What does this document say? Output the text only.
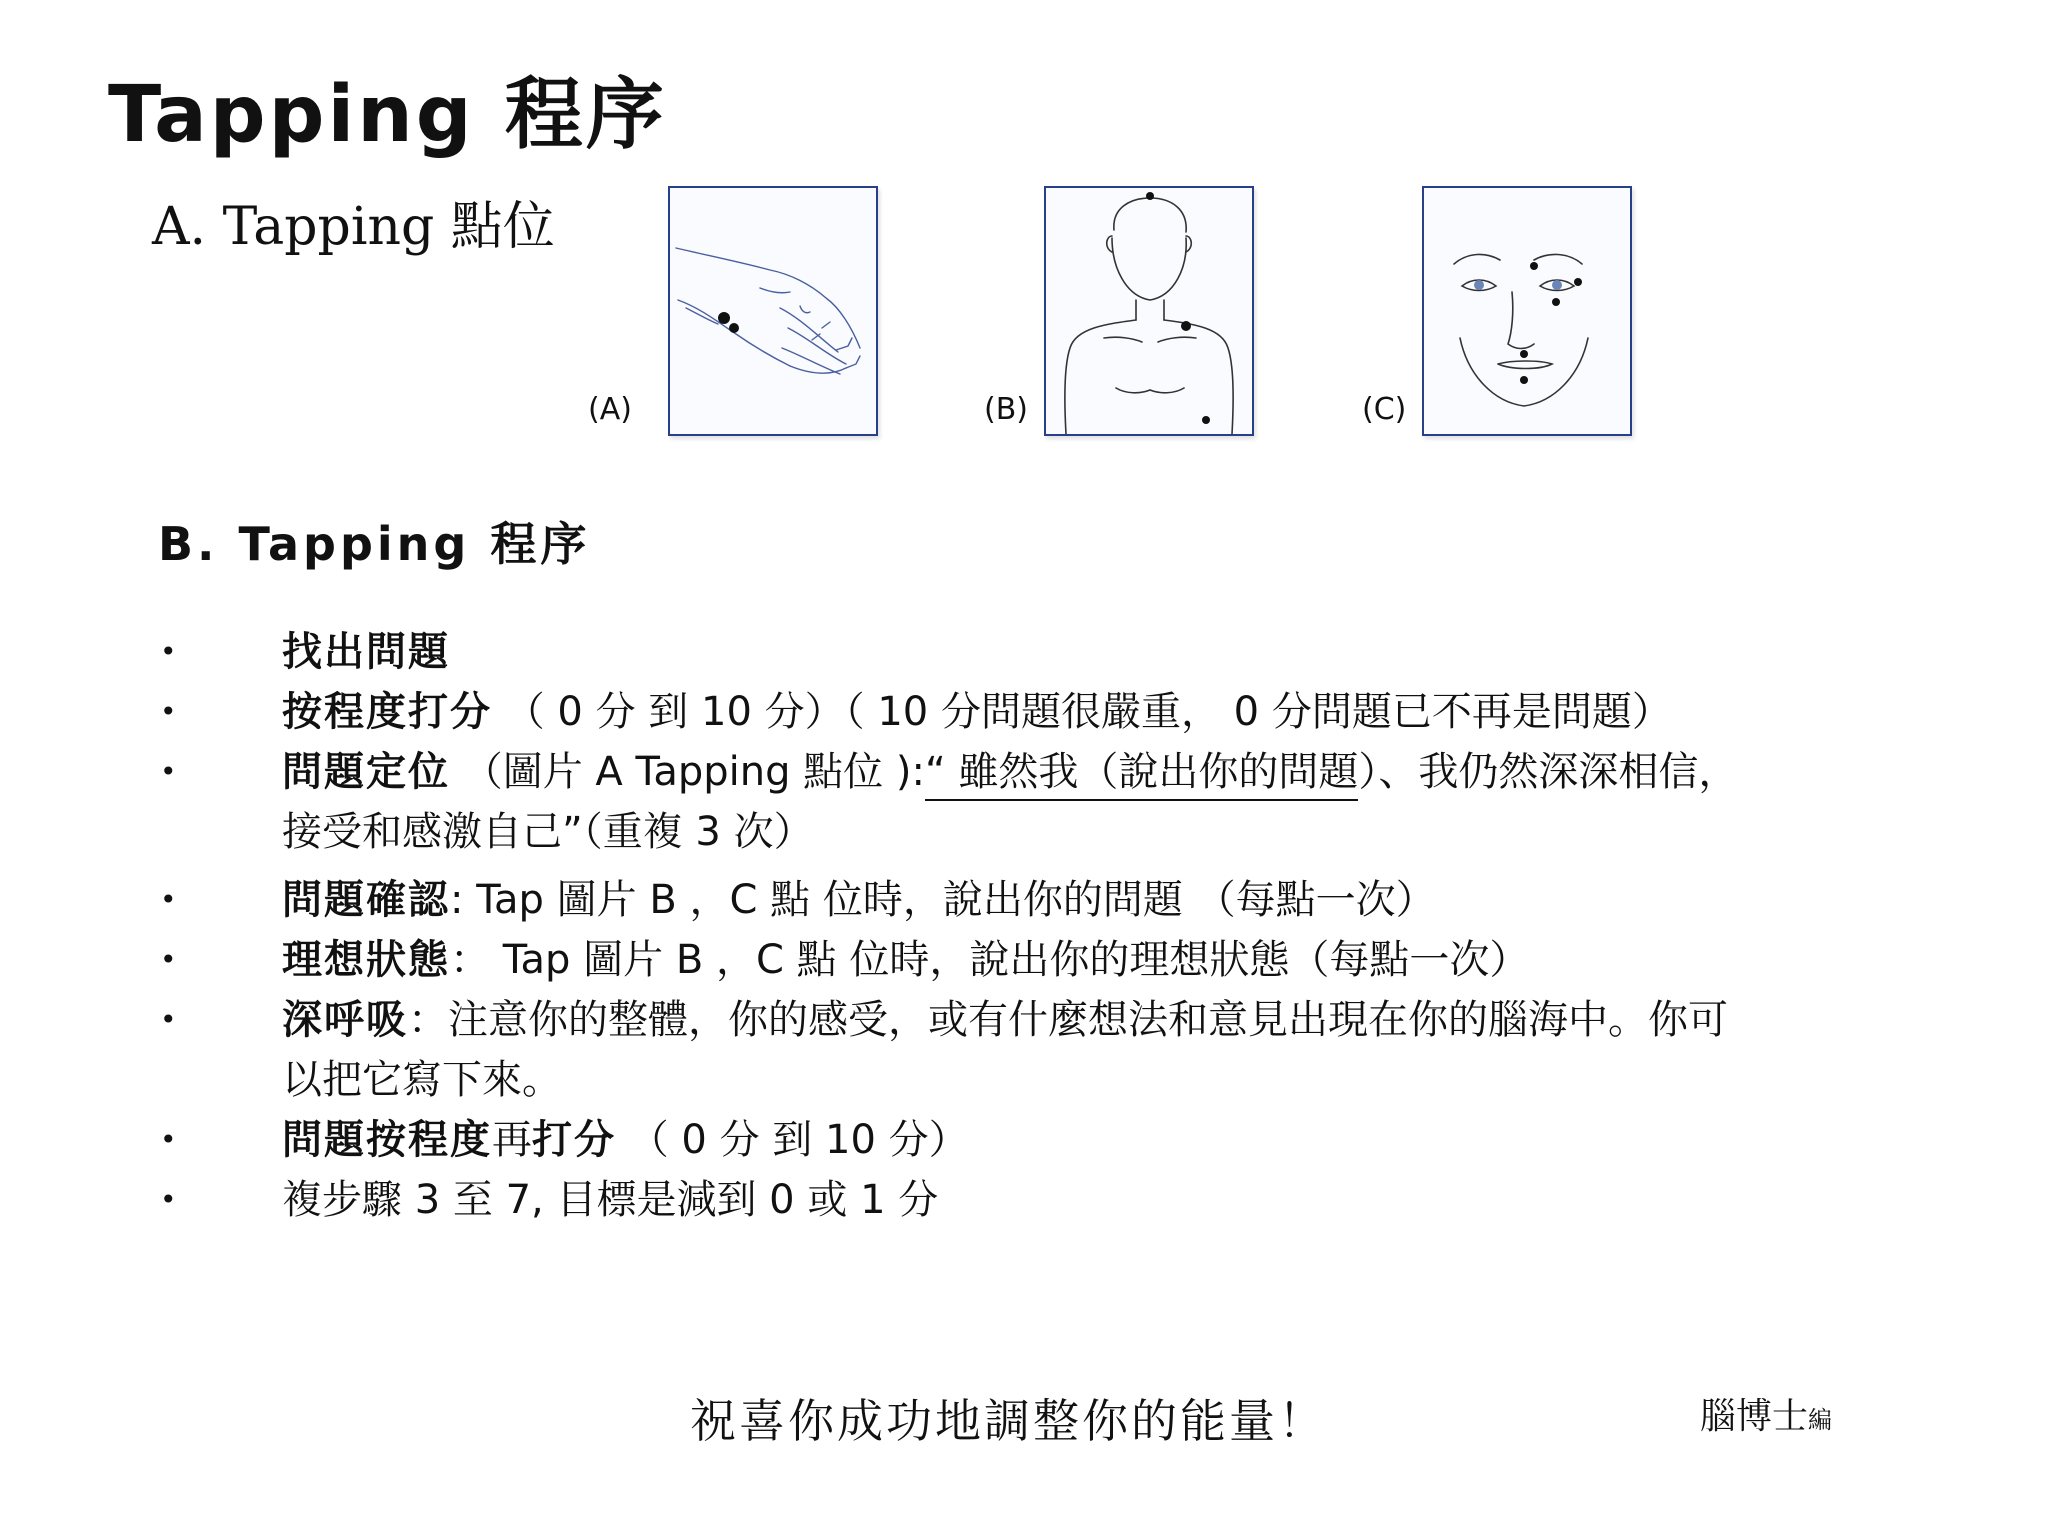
Tapping 程序
A. Tapping 點位
(A)	(B)	(C)
B. Tapping 程序
•	找出問題
•	按程度打分 （ 0 分 到 10 分）（ 10 分問題很嚴重， 0 分問題已不再是問題）
•	問題定位 （圖片 A Tapping 點位 ):“ 雖然我（說出你的問題）、我仍然深深相信，
接受和感激自己”（重複 3 次）
•	問題確認: Tap 圖片 B ，C 點 位時，說出你的問題 （每點一次）
•	理想狀態： Tap 圖片 B ，C 點 位時，說出你的理想狀態（每點一次）
•	深呼吸：注意你的整體，你的感受，或有什麼想法和意見出現在你的腦海中。你可
以把它寫下來。
•	問題按程度再打分 （ 0 分 到 10 分）
•	複步驟 3 至 7, 目標是減到 0 或 1 分
祝喜你成功地調整你的能量！	腦博士編
